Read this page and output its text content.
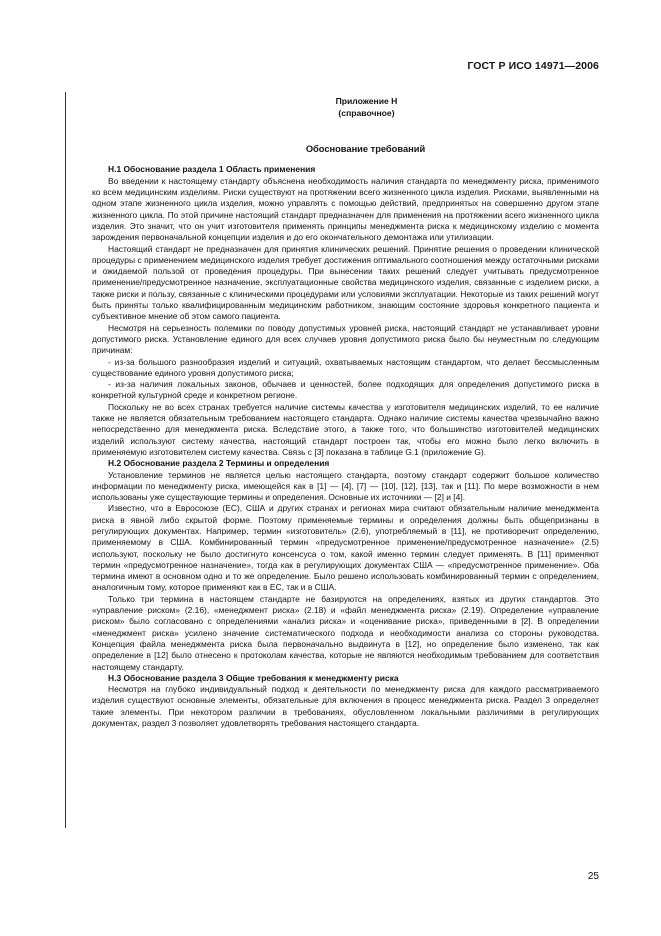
ГОСТ Р ИСО 14971—2006
Приложение Н
(справочное)
Обоснование требований

Н.1 Обоснование раздела 1 Область применения

Во введении к настоящему стандарту объяснена необходимость наличия стандарта по менеджменту риска, применимого ко всем медицинским изделиям. Риски существуют на протяжении всего жизненного цикла изделия. Рисками, выявленными на одном этапе жизненного цикла изделия, можно управлять с помощью действий, предпринятых на совершенно другом этапе жизненного цикла. По этой причине настоящий стандарт предназначен для применения на протяжении всего жизненного цикла изделия. Это значит, что он учит изготовителя применять принципы менеджмента риска к медицинскому изделию с момента зарождения первоначальной концепции изделия и до его окончательного демонтажа или утилизации.

Настоящий стандарт не предназначен для принятия клинических решений. Принятие решения о проведении клинической процедуры с применением медицинского изделия требует достижения оптимального соотношения между остаточными рисками и ожидаемой пользой от проведения процедуры. При вынесении таких решений следует учитывать предусмотренное применение/предусмотренное назначение, эксплуатационные свойства медицинского изделия, связанные с изделием риски, а также риски и пользу, связанные с клиническими процедурами или условиями эксплуатации. Некоторые из таких решений могут быть приняты только квалифицированным медицинским работником, знающим состояние здоровья конкретного пациента и субъективное мнение об этом самого пациента.

Несмотря на серьезность полемики по поводу допустимых уровней риска, настоящий стандарт не устанавливает уровни допустимого риска. Установление единого для всех случаев уровня допустимого риска было бы неуместным по следующим причинам:

- из-за большого разнообразия изделий и ситуаций, охватываемых настоящим стандартом, что делает бессмысленным существование единого уровня допустимого риска;

- из-за наличия локальных законов, обычаев и ценностей, более подходящих для определения допустимого риска в конкретной культурной среде и конкретном регионе.

Поскольку не во всех странах требуется наличие системы качества у изготовителя медицинских изделий, то ее наличие также не является обязательным требованием настоящего стандарта. Однако наличие системы качества чрезвычайно важно непосредственно для менеджмента риска. Вследствие этого, а также того, что большинство изготовителей медицинских изделий используют систему качества, настоящий стандарт построен так, чтобы его можно было легко включить в применяемую изготовителем систему качества. Связь с [3] показана в таблице G.1 (приложение G).

Н.2 Обоснование раздела 2 Термины и определения

Установление терминов не является целью настоящего стандарта, поэтому стандарт содержит большое количество информации по менеджменту риска, имеющейся как в [1] — [4], [7] — [10], [12], [13], так и [11]. По мере возможности в нем использованы уже существующие термины и определения. Основные их источники — [2] и [4].

Известно, что в Евросоюзе (ЕС), США и других странах и регионах мира считают обязательным наличие менеджмента риска в явной либо скрытой форме. Поэтому применяемые термины и определения должны быть общепризнаны в регулирующих документах. Например, термин «изготовитель» (2.6), употребляемый в [11], не противоречит определению, применяемому в США. Комбинированный термин «предусмотренное применение/предусмотренное назначение» (2.5) используют, поскольку не было достигнуто консенсуса о том, какой именно термин следует применять. В [11] применяют термин «предусмотренное назначение», тогда как в регулирующих документах США — «предусмотренное применение». Оба термина имеют в основном одно и то же определение. Было решено использовать комбинированный термин с определением, аналогичным тому, которое применяют как в ЕС, так и в США.

Только три термина в настоящем стандарте не базируются на определениях, взятых из других стандартов. Это «управление риском» (2.16), «менеджмент риска» (2.18) и «файл менеджмента риска» (2.19). Определение «управление риском» было согласовано с определениями «анализ риска» и «оценивание риска», приведенными в [2]. В определении «менеджмент риска» усилено значение систематического подхода и необходимости анализа со стороны руководства. Концепция файла менеджмента риска была первоначально выдвинута в [12], но определение было изменено, так как определение в [12] было отнесено к протоколам качества, которые не являются необходимым требованием для соответствия настоящему стандарту.

Н.3 Обоснование раздела 3 Общие требования к менеджменту риска

Несмотря на глубоко индивидуальный подход к деятельности по менеджменту риска для каждого рассматриваемого изделия существуют основные элементы, обязательные для включения в процесс менеджмента риска. Раздел 3 определяет такие элементы. При некотором различии в требованиях, обусловленном локальными различиями в регулирующих документах, раздел 3 позволяет удовлетворять требования настоящего стандарта.

25
